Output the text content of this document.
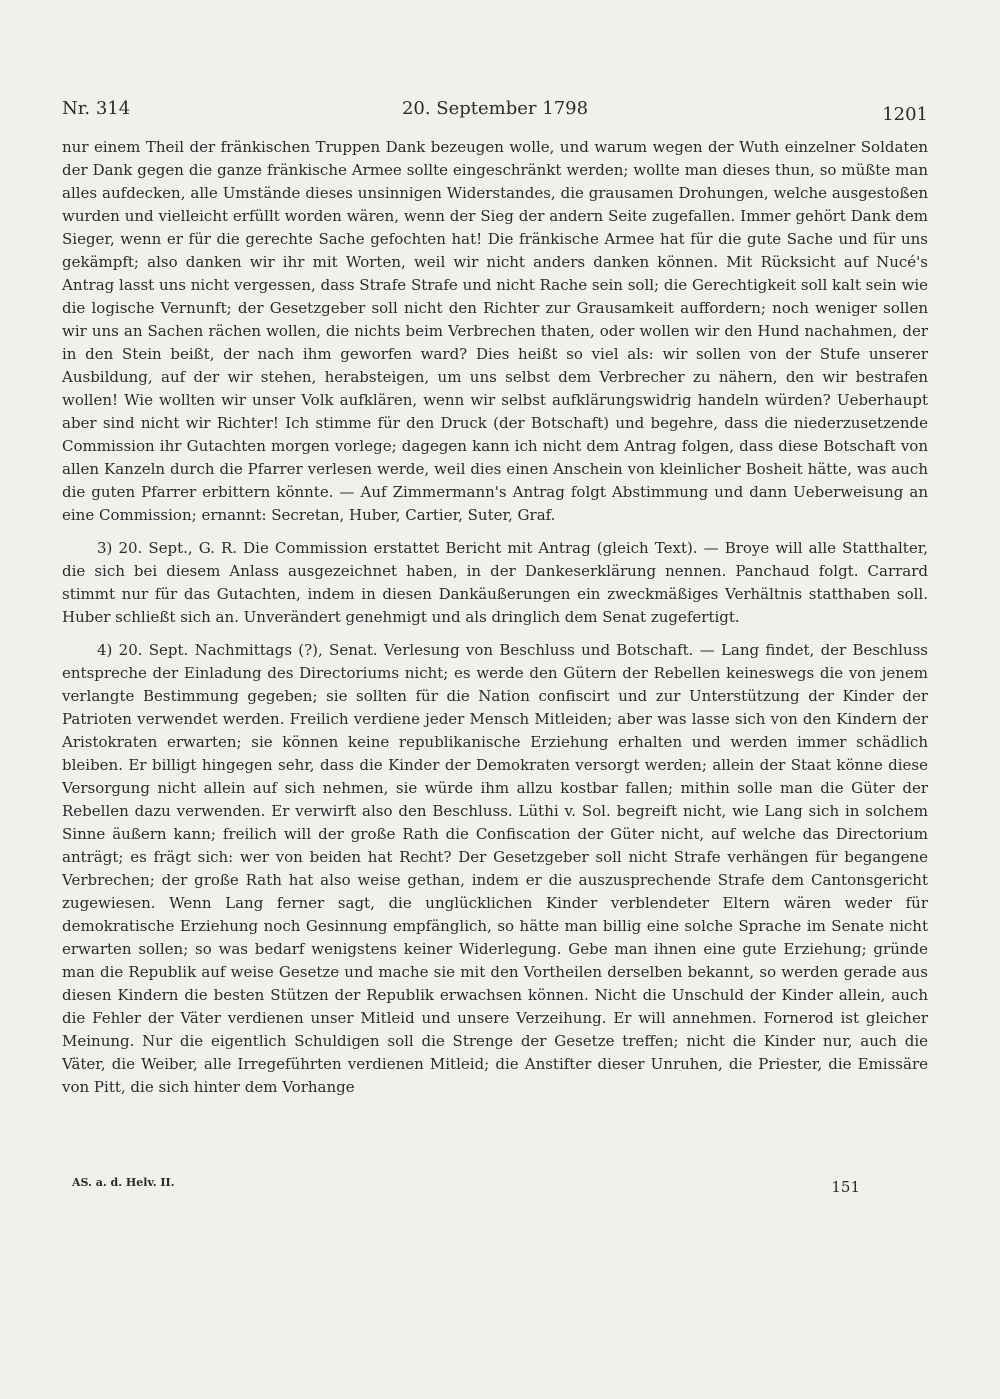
Nr. 314	20. September 1798	1201

nur einem Theil der fränkischen Truppen Dank bezeugen wolle, und warum wegen der Wuth einzelner Soldaten der Dank gegen die ganze fränkische Armee sollte eingeschränkt werden; wollte man dieses thun, so müßte man alles aufdecken, alle Umstände dieses unsinnigen Widerstandes, die grausamen Drohungen, welche ausgestoßen wurden und vielleicht erfüllt worden wären, wenn der Sieg der andern Seite zugefallen. Immer gehört Dank dem Sieger, wenn er für die gerechte Sache gefochten hat! Die fränkische Armee hat für die gute Sache und für uns gekämpft; also danken wir ihr mit Worten, weil wir nicht anders danken können. Mit Rücksicht auf Nucé's Antrag lasst uns nicht vergessen, dass Strafe Strafe und nicht Rache sein soll; die Gerechtigkeit soll kalt sein wie die logische Vernunft; der Gesetzgeber soll nicht den Richter zur Grausamkeit auffordern; noch weniger sollen wir uns an Sachen rächen wollen, die nichts beim Verbrechen thaten, oder wollen wir den Hund nachahmen, der in den Stein beißt, der nach ihm geworfen ward? Dies heißt so viel als: wir sollen von der Stufe unserer Ausbildung, auf der wir stehen, herabsteigen, um uns selbst dem Verbrecher zu nähern, den wir bestrafen wollen! Wie wollten wir unser Volk aufklären, wenn wir selbst aufklärungswidrig handeln würden? Ueberhaupt aber sind nicht wir Richter! Ich stimme für den Druck (der Botschaft) und begehre, dass die niederzusetzende Commission ihr Gutachten morgen vorlege; dagegen kann ich nicht dem Antrag folgen, dass diese Botschaft von allen Kanzeln durch die Pfarrer verlesen werde, weil dies einen Anschein von kleinlicher Bosheit hätte, was auch die guten Pfarrer erbittern könnte. — Auf Zimmermann's Antrag folgt Abstimmung und dann Ueberweisung an eine Commission; ernannt: Secretan, Huber, Cartier, Suter, Graf.

3) 20. Sept., G. R. Die Commission erstattet Bericht mit Antrag (gleich Text). — Broye will alle Statthalter, die sich bei diesem Anlass ausgezeichnet haben, in der Dankeserklärung nennen. Panchaud folgt. Carrard stimmt nur für das Gutachten, indem in diesen Dankäußerungen ein zweckmäßiges Verhältnis statthaben soll. Huber schließt sich an. Unverändert genehmigt und als dringlich dem Senat zugefertigt.

4) 20. Sept. Nachmittags (?), Senat. Verlesung von Beschluss und Botschaft. — Lang findet, der Beschluss entspreche der Einladung des Directoriums nicht; es werde den Gütern der Rebellen keineswegs die von jenem verlangte Bestimmung gegeben; sie sollten für die Nation confiscirt und zur Unterstützung der Kinder der Patrioten verwendet werden. Freilich verdiene jeder Mensch Mitleiden; aber was lasse sich von den Kindern der Aristokraten erwarten; sie können keine republikanische Erziehung erhalten und werden immer schädlich bleiben. Er billigt hingegen sehr, dass die Kinder der Demokraten versorgt werden; allein der Staat könne diese Versorgung nicht allein auf sich nehmen, sie würde ihm allzu kostbar fallen; mithin solle man die Güter der Rebellen dazu verwenden. Er verwirft also den Beschluss. Lüthi v. Sol. begreift nicht, wie Lang sich in solchem Sinne äußern kann; freilich will der große Rath die Confiscation der Güter nicht, auf welche das Directorium anträgt; es frägt sich: wer von beiden hat Recht? Der Gesetzgeber soll nicht Strafe verhängen für begangene Verbrechen; der große Rath hat also weise gethan, indem er die auszusprechende Strafe dem Cantonsgericht zugewiesen. Wenn Lang ferner sagt, die unglücklichen Kinder verblendeter Eltern wären weder für demokratische Erziehung noch Gesinnung empfänglich, so hätte man billig eine solche Sprache im Senate nicht erwarten sollen; so was bedarf wenigstens keiner Widerlegung. Gebe man ihnen eine gute Erziehung; gründe man die Republik auf weise Gesetze und mache sie mit den Vortheilen derselben bekannt, so werden gerade aus diesen Kindern die besten Stützen der Republik erwachsen können. Nicht die Unschuld der Kinder allein, auch die Fehler der Väter verdienen unser Mitleid und unsere Verzeihung. Er will annehmen. Fornerod ist gleicher Meinung. Nur die eigentlich Schuldigen soll die Strenge der Gesetze treffen; nicht die Kinder nur, auch die Väter, die Weiber, alle Irregeführten verdienen Mitleid; die Anstifter dieser Unruhen, die Priester, die Emissäre von Pitt, die sich hinter dem Vorhange

AS. a. d. Helv. II.	151
